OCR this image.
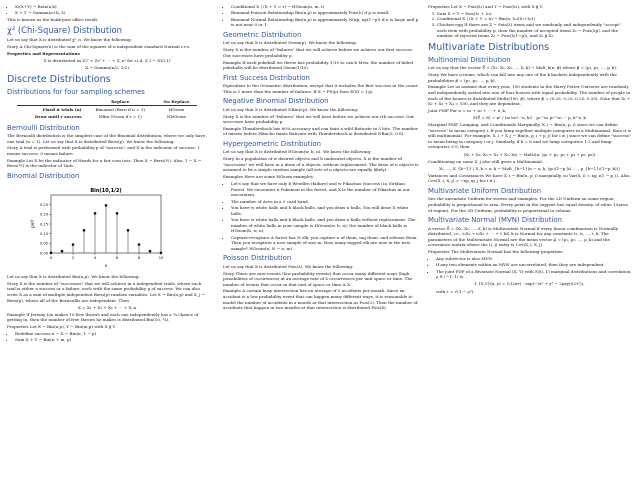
• X/(X+Y) ~ Beta(a,b)
• X + Y ~ Gamma(a+b, λ)
This is known as the bank-post office result.
χ² (Chi-Square) Distribution
Let us say that X is distributed χ²_n. We know the following:
Story A Chi-Square(n) is the sum of the squares of n independent standard Normal r.v.s.
Properties and Representations
X is distributed as Z₁² + Z₂² + ··· + Z_n² for i.i.d. Z_i ~ N(0,1)
X ~ Gamma(n/2, 1/2)
Discrete Distributions
Distributions for four sampling schemes
	Replace	No Replace
Fixed # trials (n)	Binomial (Bern if n = 1)	HGeom
Draw until r success	NBin (Geom if r = 1)	NHGeom
Bernoulli Distribution
The Bernoulli distribution is the simplest case of the Binomial distribution, where we only have one trial (n = 1). Let us say that X is distributed Bern(p). We know the following:
Story A trial is performed with probability p of "success", and X is the indicator of success: 1 means success, 0 means failure.
Example Let X be the indicator of Heads for a fair coin toss. Then X ~ Bern(½). Also, 1 − X ~ Bern(½) is the indicator of Tails.
Binomial Distribution
Bin(10,1/2)
0.00
0.05
0.10
0.15
0.20
0.25
0	2	4	6	8	10
x
pmf
Let us say that X is distributed Bin(n,p). We know the following:
Story X is the number of "successes" that we will achieve in n independent trials, where each trial is either a success or a failure, each with the same probability p of success. We can also write X as a sum of multiple independent Bern(p) random variables. Let X ~ Bin(n,p) and X_j ~ Bern(p), where all of the Bernoullis are independent. Then
X = X₁ + X₂ + X₃ + ··· + X_n
Example If Jeremy Lin makes 10 free throws and each one independently has a ¾ chance of getting in, then the number of free throws he makes is distributed Bin(10, ¾).
Properties Let X ~ Bin(n,p), Y ~ Bin(m,p) with X ⫫ Y.
• Redefine success n − X ~ Bin(n, 1 − p)
• Sum X + Y ~ Bin(n + m, p)
• Conditional X | (X + Y = r) ~ HGeom(n, m, r)
• Binomial-Poisson Relationship Bin(n,p) is approximately Pois(λ) if p is small.
• Binomial-Normal Relationship Bin(n,p) is approximately N(np, np(1−p)) if n is large and p is not near 0 or 1.
Geometric Distribution
Let us say that X is distributed Geom(p). We know the following:
Story X is the number of "failures" that we will achieve before we achieve our first success. Our successes have probability p.
Example If each pokeball we throw has probability 1/10 to catch Mew, the number of failed pokeballs will be distributed Geom(1/10).
First Success Distribution
Equivalent to the Geometric distribution, except that it includes the first success in the count. This is 1 more than the number of failures. If X ~ FS(p) then E(X) = 1/p.
Negative Binomial Distribution
Let us say that X is distributed NBin(r,p). We know the following:
Story X is the number of "failures" that we will have before we achieve our rth success. Our successes have probability p.
Example Thundershock has 60% accuracy and can faint a wild Raticate in 3 hits. The number of misses before Pikachu faints Raticate with Thundershock is distributed NBin(3, 0.6).
Hypergeometric Distribution
Let us say that X is distributed HGeom(w, b, n). We know the following:
Story In a population of w desired objects and b undesired objects, X is the number of "successes" we will have in a draw of n objects, without replacement. The draw of n objects is assumed to be a simple random sample (all sets of n objects are equally likely).
Examples Here are some HGeom examples.
• Let's say that we have only b Weedles (failure) and w Pikachus (success) in Viridian Forest. We encounter n Pokemon in the forest, and X is the number of Pikachus in our encounters.
• The number of Aces in a 5 card hand.
• You have w white balls and b black balls, and you draw n balls. You will draw X white balls.
• You have w white balls and b black balls, and you draw n balls without replacement. The number of white balls in your sample is HGeom(w, b, n); the number of black balls is HGeom(b, w, n).
• Capture-recapture A forest has N elk, you capture n of them, tag them, and release them. Then you recapture a new sample of size m. How many tagged elk are now in the new sample? HGeom(n, N − n, m)
Poisson Distribution
Let us say that X is distributed Pois(λ). We know the following:
Story There are rare events (low probability events) that occur many different ways (high possibilities of occurences) at an average rate of λ occurrences per unit space or time. The number of events that occur in that unit of space or time is X.
Example A certain busy intersection has an average of 2 accidents per month. Since an accident is a low probability event that can happen many different ways, it is reasonable to model the number of accidents in a month at that intersection as Pois(2). Then the number of accidents that happen in two months at that intersection is distributed Pois(4).
Properties Let X ~ Pois(λ₁) and Y ~ Pois(λ₂), with X ⫫ Y.
1. Sum X + Y ~ Pois(λ₁ + λ₂)
2. Conditional X | (X + Y = n) ~ Bin(n, λ₁/(λ₁+λ₂))
3. Chicken-egg If there are Z ~ Pois(λ) items and we randomly and independently "accept" each item with probability p, then the number of accepted items Z₁ ~ Pois(λp), and the number of rejected items Z₂ ~ Pois(λ(1−p)), and Z₁ ⫫ Z₂.
Multivariate Distributions
Multinomial Distribution
Let us say that the vector X⃗ = (X₁, X₂, X₃, ..., X_k) ~ Mult_k(n, p⃗) where p⃗ = (p₁, p₂, ..., p_k).
Story We have n items, which can fall into any one of the k buckets independently with the probabilities p⃗ = (p₁, p₂, ..., p_k).
Example Let us assume that every year, 100 students in the Harry Potter Universe are randomly and independently sorted into one of four houses with equal probability. The number of people in each of the houses is distributed Mult₄(100, p⃗), where p⃗ = (0.25, 0.25, 0.25, 0.25). Note that X₁ + X₂ + X₃ + X₄ = 100, and they are dependent.
Joint PMF For n = n₁ + n₂ + ··· + n_k,
P(X⃗ = n⃗) = n! / (n₁!n₂!···n_k!) · p₁^n₁ p₂^n₂ ··· p_k^n_k
Marginal PMF, Lumping, and Conditionals Marginally, X_i ~ Bin(n, p_i) since we can define "success" to mean category i. If you lump together multiple categories in a Multinomial, then it is still multinomial. For example, X_i + X_j ~ Bin(n, p_i + p_j) for i ≠ j since we can define "success" to mean being in category i or j. Similarly, if k = 6 and we lump categories 1-2 and lump categories 3-5, then
(X₁ + X₂, X₃ + X₄ + X₅, X₆) ~ Mult₃(n, (p₁ + p₂, p₃ + p₄ + p₅, p₆))
Conditioning on some X_j also still gives a Multinomial:
X₁, ..., X_{k−1} | X_k = n_k ~ Mult_{k−1}(n − n_k, (p₁/(1−p_k), ..., p_{k−1}/(1−p_k)))
Variances and Covariances We have X_i ~ Bin(n, p_i) marginally, so Var(X_i) = np_i(1 − p_i). Also, Cov(X_i, X_j) = −np_ip_j for i ≠ j.
Multivariate Uniform Distribution
See the univariate Uniform for stories and examples. For the 2D Uniform on some region, probability is proportional to area. Every point in the support has equal density, of value 1/(area of region). For the 3D Uniform, probability is proportional to volume.
Multivariate Normal (MVN) Distribution
A vector X⃗ = (X₁, X₂, ..., X_k) is Multivariate Normal if every linear combination is Normally distributed, i.e., t₁X₁ + t₂X₂ + ··· + t_kX_k is Normal for any constants t₁, t₂, ..., t_k. The parameters of the Multivariate Normal are the mean vector μ⃗ = (μ₁, μ₂, ..., μ_k) and the covariance matrix where the (i, j) entry is Cov(X_i, X_j).
Properties The Multivariate Normal has the following properties.
• Any subvector is also MVN.
• If any two elements within an MVN are uncorrelated, then they are independent.
• The joint PDF of a Bivariate Normal (X, Y) with N(0, 1) marginal distributions and correlation ρ ∈ (−1, 1) is
f_{X,Y}(x, y) = 1/(2πτ) · exp(−(x² + y² − 2ρxy)/(2τ²)),
with τ = √(1 − ρ²).
